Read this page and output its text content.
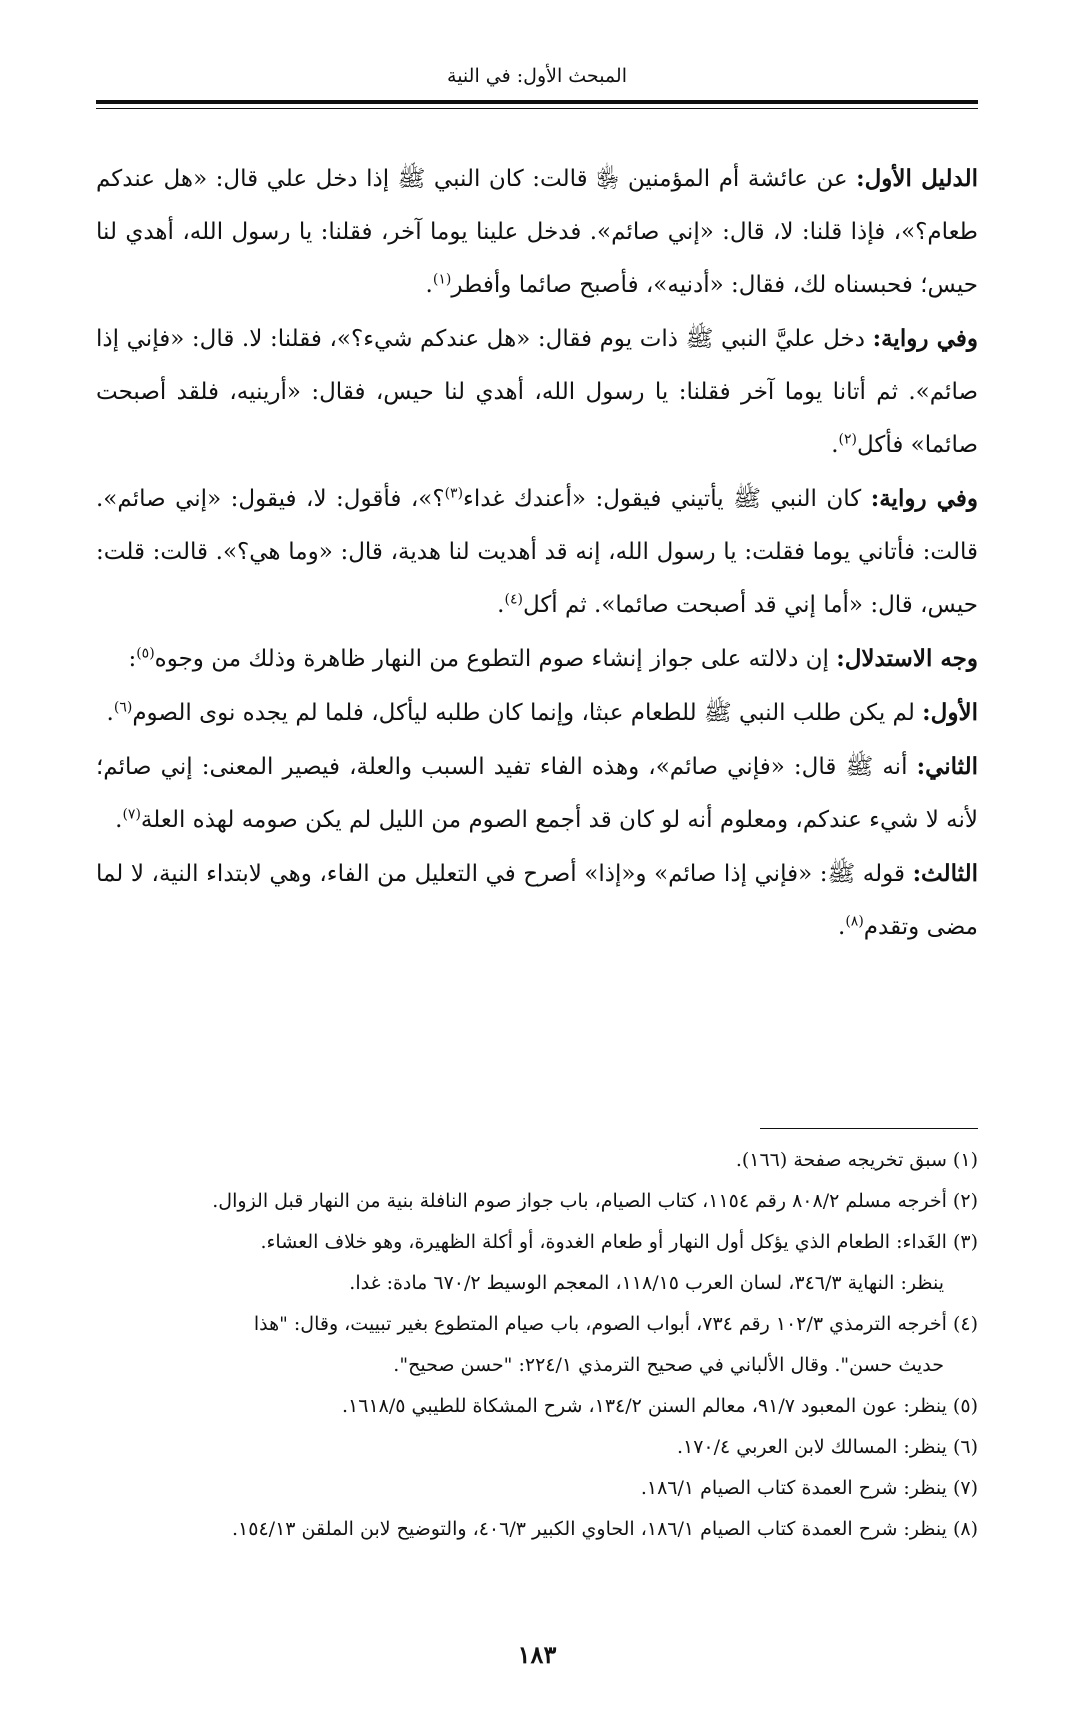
المبحث الأول: في النية

الدليل الأول: عن عائشة أم المؤمنين ﵂ قالت: كان النبي ﷺ إذا دخل علي قال: «هل عندكم طعام؟»، فإذا قلنا: لا، قال: «إني صائم». فدخل علينا يوما آخر، فقلنا: يا رسول الله، أهدي لنا حيس؛ فحبسناه لك، فقال: «أدنيه»، فأصبح صائما وأفطر$^{(١)}$.

وفي رواية: دخل عليَّ النبي ﷺ ذات يوم فقال: «هل عندكم شيء؟»، فقلنا: لا. قال: «فإني إذا صائم». ثم أتانا يوما آخر فقلنا: يا رسول الله، أهدي لنا حيس، فقال: «أرينيه، فلقد أصبحت صائما» فأكل$^{(٢)}$.

وفي رواية: كان النبي ﷺ يأتيني فيقول: «أعندك غداء$^{(٣)}$؟»، فأقول: لا، فيقول: «إني صائم». قالت: فأتاني يوما فقلت: يا رسول الله، إنه قد أهديت لنا هدية، قال: «وما هي؟». قالت: قلت: حيس، قال: «أما إني قد أصبحت صائما». ثم أكل$^{(٤)}$.

وجه الاستدلال: إن دلالته على جواز إنشاء صوم التطوع من النهار ظاهرة وذلك من وجوه$^{(٥)}$:

الأول: لم يكن طلب النبي ﷺ للطعام عبثا، وإنما كان طلبه ليأكل، فلما لم يجده نوى الصوم$^{(٦)}$.

الثاني: أنه ﷺ قال: «فإني صائم»، وهذه الفاء تفيد السبب والعلة، فيصير المعنى: إني صائم؛ لأنه لا شيء عندكم، ومعلوم أنه لو كان قد أجمع الصوم من الليل لم يكن صومه لهذه العلة$^{(٧)}$.

الثالث: قوله ﷺ: «فإني إذا صائم» و«إذا» أصرح في التعليل من الفاء، وهي لابتداء النية، لا لما مضى وتقدم$^{(٨)}$.

(١) سبق تخريجه صفحة (١٦٦).

(٢) أخرجه مسلم ٨٠٨/٢ رقم ١١٥٤، كتاب الصيام، باب جواز صوم النافلة بنية من النهار قبل الزوال.

(٣) الغَداء: الطعام الذي يؤكل أول النهار أو طعام الغدوة، أو أكلة الظهيرة، وهو خلاف العشاء.

ينظر: النهاية ٣٤٦/٣، لسان العرب ١١٨/١٥، المعجم الوسيط ٦٧٠/٢ مادة: غدا.

(٤) أخرجه الترمذي ١٠٢/٣ رقم ٧٣٤، أبواب الصوم، باب صيام المتطوع بغير تبييت، وقال: "هذا

حديث حسن". وقال الألباني في صحيح الترمذي ٢٢٤/١: "حسن صحيح".

(٥) ينظر: عون المعبود ٩١/٧، معالم السنن ١٣٤/٢، شرح المشكاة للطيبي ١٦١٨/٥.

(٦) ينظر: المسالك لابن العربي ١٧٠/٤.

(٧) ينظر: شرح العمدة كتاب الصيام ١٨٦/١.

(٨) ينظر: شرح العمدة كتاب الصيام ١٨٦/١، الحاوي الكبير ٤٠٦/٣، والتوضيح لابن الملقن ١٥٤/١٣.

١٨٣
